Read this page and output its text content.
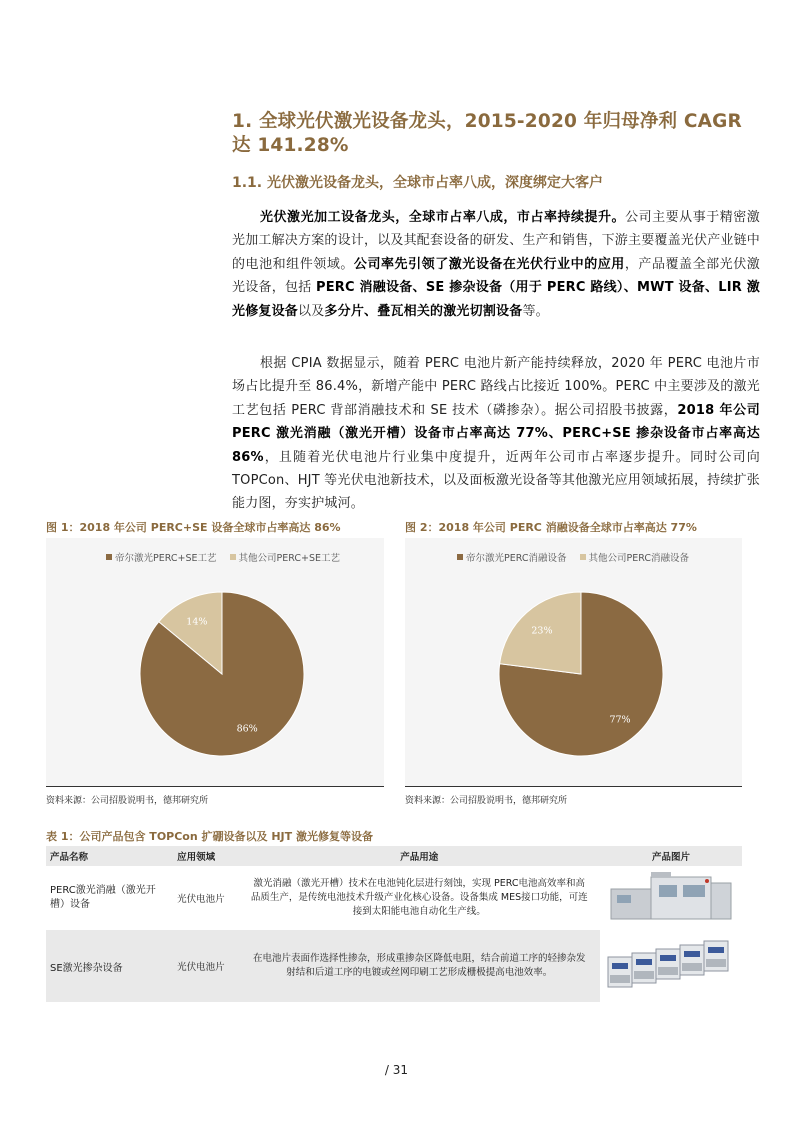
1. 全球光伏激光设备龙头，2015-2020 年归母净利 CAGR 达 141.28%
1.1. 光伏激光设备龙头，全球市占率八成，深度绑定大客户
光伏激光加工设备龙头，全球市占率八成，市占率持续提升。公司主要从事于精密激光加工解决方案的设计，以及其配套设备的研发、生产和销售，下游主要覆盖光伏产业链中的电池和组件领域。公司率先引领了激光设备在光伏行业中的应用，产品覆盖全部光伏激光设备，包括 PERC 消融设备、SE 掺杂设备（用于 PERC 路线）、MWT 设备、LIR 激光修复设备以及多分片、叠瓦相关的激光切割设备等。
根据 CPIA 数据显示，随着 PERC 电池片新产能持续释放，2020 年 PERC 电池片市场占比提升至 86.4%，新增产能中 PERC 路线占比接近 100%。PERC 中主要涉及的激光工艺包括 PERC 背部消融技术和 SE 技术（磷掺杂）。据公司招股书披露，2018 年公司 PERC 激光消融（激光开槽）设备市占率高达 77%、PERC+SE 掺杂设备市占率高达 86%，且随着光伏电池片行业集中度提升，近两年公司市占率逐步提升。同时公司向 TOPCon、HJT 等光伏电池新技术，以及面板激光设备等其他激光应用领域拓展，持续扩张能力图，夯实护城河。
图 1：2018 年公司 PERC+SE 设备全球市占率高达 86%
帝尔激光PERC+SE工艺 其他公司PERC+SE工艺
86%
14%
资料来源：公司招股说明书，德邦研究所
图 2：2018 年公司 PERC 消融设备全球市占率高达 77%
帝尔激光PERC消融设备 其他公司PERC消融设备
77%
23%
资料来源：公司招股说明书，德邦研究所
表 1：公司产品包含 TOPCon 扩硼设备以及 HJT 激光修复等设备
产品名称	应用领域	产品用途	产品图片
PERC激光消融（激光开槽）设备	光伏电池片	激光消融（激光开槽）技术在电池钝化层进行刻蚀，实现 PERC电池高效率和高品质生产，是传统电池技术升级产业化核心设备。设备集成 MES接口功能，可连接到太阳能电池自动化生产线。	
SE激光掺杂设备	光伏电池片	在电池片表面作选择性掺杂，形成重掺杂区降低电阻，结合前道工序的轻掺杂发射结和后道工序的电镀或丝网印刷工艺形成栅极提高电池效率。	
/ 31
